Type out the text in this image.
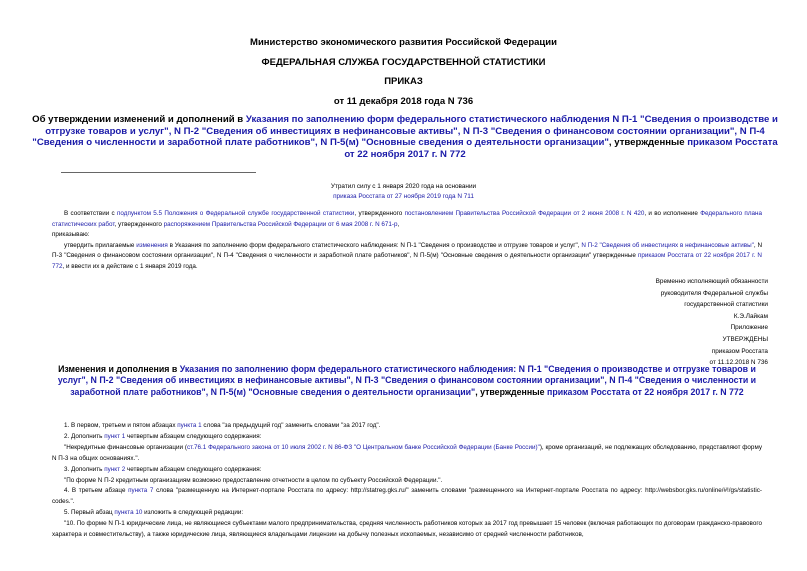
Министерство экономического развития Российской Федерации
ФЕДЕРАЛЬНАЯ СЛУЖБА ГОСУДАРСТВЕННОЙ СТАТИСТИКИ
ПРИКАЗ
от 11 декабря 2018 года N 736
Об утверждении изменений и дополнений в Указания по заполнению форм федерального статистического наблюдения N П-1 "Сведения о производстве и отгрузке товаров и услуг", N П-2 "Сведения об инвестициях в нефинансовые активы", N П-3 "Сведения о финансовом состоянии организации", N П-4 "Сведения о численности и заработной плате работников", N П-5(м) "Основные сведения о деятельности организации", утвержденные приказом Росстата от 22 ноября 2017 г. N 772
Утратил силу с 1 января 2020 года на основании
приказа Росстата от 27 ноября 2019 года N 711

В соответствии с подпунктом 5.5 Положения о Федеральной службе государственной статистики, утвержденного постановлением Правительства Российской Федерации от 2 июня 2008 г. N 420, и во исполнение Федерального плана статистических работ, утвержденного распоряжением Правительства Российской Федерации от 6 мая 2008 г. N 671-р,

приказываю:

утвердить прилагаемые изменения в Указания по заполнению форм федерального статистического наблюдения: N П-1 "Сведения о производстве и отгрузке товаров и услуг", N П-2 "Сведения об инвестициях в нефинансовые активы", N П-3 "Сведения о финансовом состоянии организации", N П-4 "Сведения о численности и заработной плате работников", N П-5(м) "Основные сведения о деятельности организации" утвержденные приказом Росстата от 22 ноября 2017 г. N 772, и ввести их в действие с 1 января 2019 года.

Временно исполняющий обязанности
руководителя Федеральной службы
государственной статистики
К.Э.Лайкам
Приложение
УТВЕРЖДЕНЫ
приказом Росстата
от 11.12.2018 N 736
Изменения и дополнения в Указания по заполнению форм федерального статистического наблюдения: N П-1 "Сведения о производстве и отгрузке товаров и услуг", N П-2 "Сведения об инвестициях в нефинансовые активы", N П-3 "Сведения о финансовом состоянии организации", N П-4 "Сведения о численности и заработной плате работников", N П-5(м) "Основные сведения о деятельности организации", утвержденные приказом Росстата от 22 ноября 2017 г. N 772

1. В первом, третьем и пятом абзацах пункта 1 слова "за предыдущий год" заменить словами "за 2017 год".

2. Дополнить пункт 1 четвертым абзацем следующего содержания:

"Некредитные финансовые организации (ст.76.1 Федерального закона от 10 июля 2002 г. N 86-ФЗ "О Центральном банке Российской Федерации (Банке России)"), кроме организаций, не подлежащих обследованию, представляют форму N П-3 на общих основаниях.".

3. Дополнить пункт 2 четвертым абзацем следующего содержания:

"По форме N П-2 кредитным организациям возможно предоставление отчетности в целом по субъекту Российской Федерации.".

4. В третьем абзаце пункта 7 слова "размещенную на Интернет-портале Росстата по адресу: http://statreg.gks.ru/" заменить словами "размещенного на Интернет-портале Росстата по адресу: http://websbor.gks.ru/online/#!/gs/statistic-codes.".

5. Первый абзац пункта 10 изложить в следующей редакции:

"10. По форме N П-1 юридические лица, не являющиеся субъектами малого предпринимательства, средняя численность работников которых за 2017 год превышает 15 человек (включая работающих по договорам гражданско-правового характера и совместительству), а также юридические лица, являющиеся владельцами лицензии на добычу полезных ископаемых, независимо от средней численности работников,
